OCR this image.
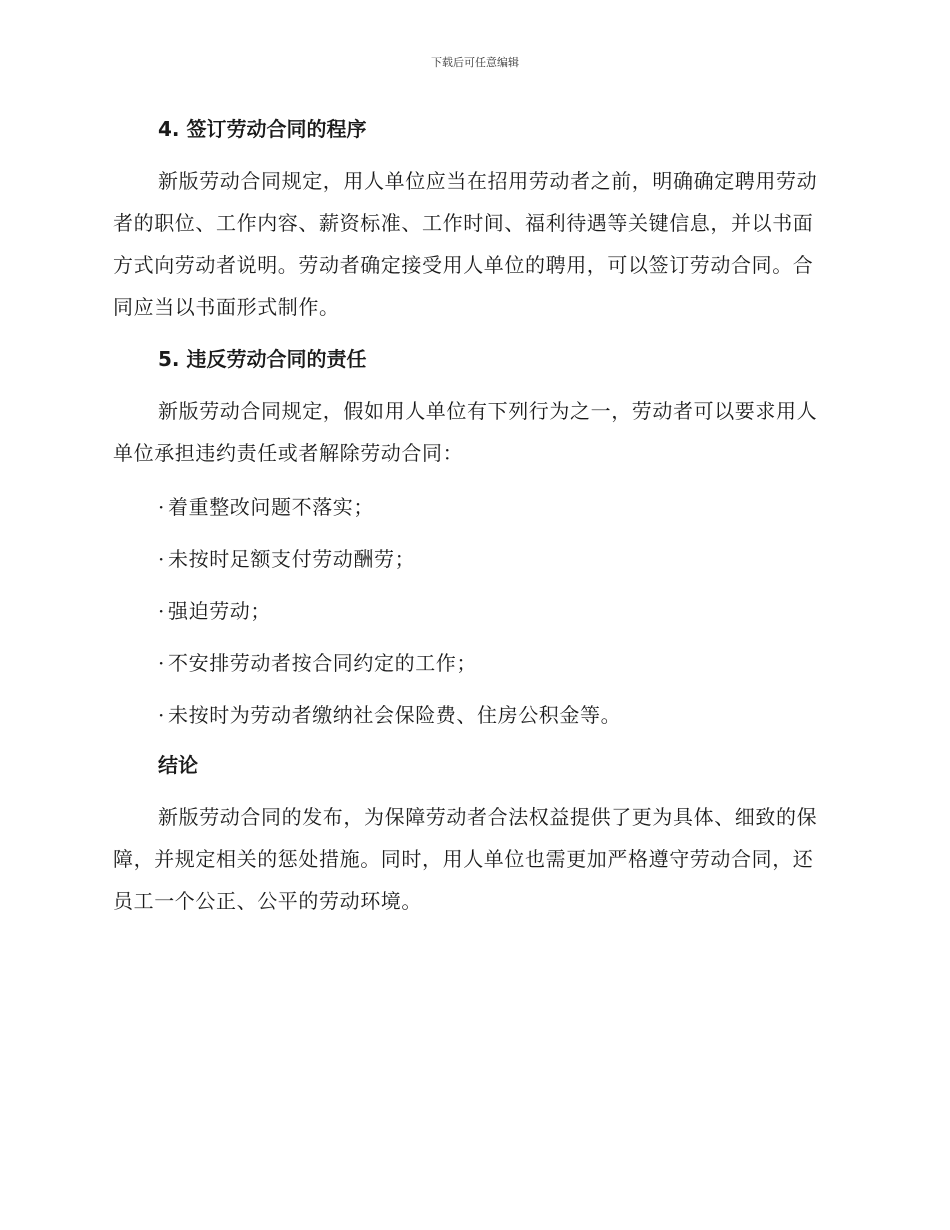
下载后可任意编辑
4. 签订劳动合同的程序

新版劳动合同规定，用人单位应当在招用劳动者之前，明确确定聘用劳动者的职位、工作内容、薪资标准、工作时间、福利待遇等关键信息，并以书面方式向劳动者说明。劳动者确定接受用人单位的聘用，可以签订劳动合同。合同应当以书面形式制作。

5. 违反劳动合同的责任

新版劳动合同规定，假如用人单位有下列行为之一，劳动者可以要求用人单位承担违约责任或者解除劳动合同：

· 着重整改问题不落实；
· 未按时足额支付劳动酬劳；
· 强迫劳动；
· 不安排劳动者按合同约定的工作；
· 未按时为劳动者缴纳社会保险费、住房公积金等。
结论

新版劳动合同的发布，为保障劳动者合法权益提供了更为具体、细致的保障，并规定相关的惩处措施。同时，用人单位也需更加严格遵守劳动合同，还员工一个公正、公平的劳动环境。
